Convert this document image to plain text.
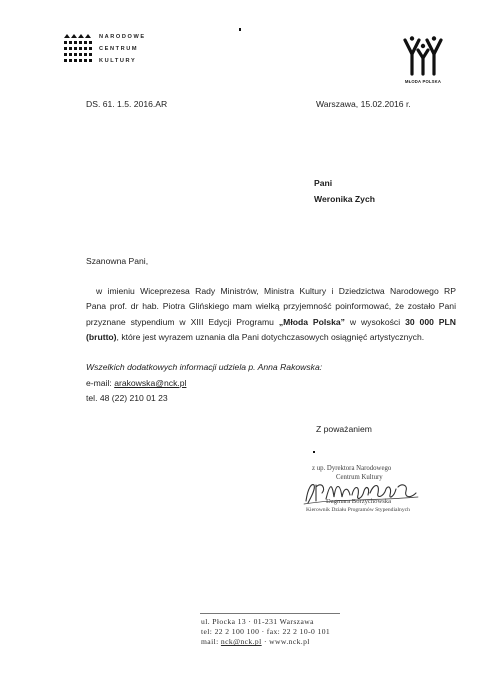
NARODOWE
CENTRUM
KULTURY
MŁODA POLSKA
DS. 61. 1.5. 2016.AR	Warszawa, 15.02.2016 r.
Pani
Weronika Zych
Szanowna Pani,
w imieniu Wiceprezesa Rady Ministrów, Ministra Kultury i Dziedzictwa Narodowego RP
Pana prof. dr hab. Piotra Glińskiego mam wielką przyjemność poinformować, że zostało Pani
przyznane stypendium w XIII Edycji Programu „Młoda Polska” w wysokości 30 000 PLN
(brutto), które jest wyrazem uznania dla Pani dotychczasowych osiągnięć artystycznych.
Wszelkich dodatkowych informacji udziela p. Anna Rakowska:
e-mail: arakowska@nck.pl
tel. 48 (22) 210 01 23
Z poważaniem
z up. Dyrektora Narodowego
Centrum Kultury
Dagmara Borzychowska
Kierownik Działu Programów Stypendialnych
ul. Płocka 13 · 01-231 Warszawa
tel: 22 2 100 100 · fax: 22 2 10-0 101
mail: nck@nck.pl · www.nck.pl
